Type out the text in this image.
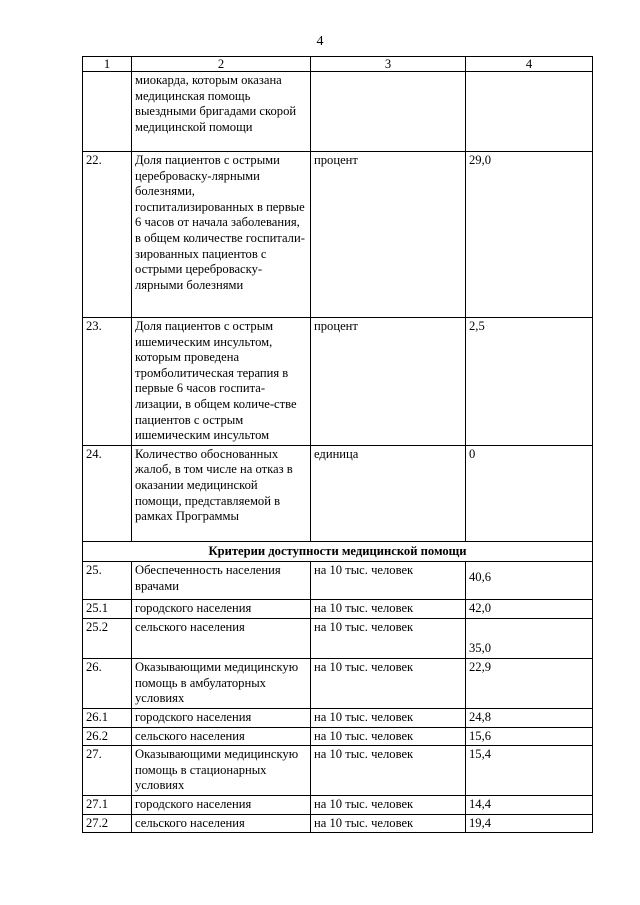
4
1	2	3	4
	миокарда, которым оказана медицинская помощь выездными бригадами скорой медицинской помощи		
22.	Доля пациентов с острыми цереброваску-лярными болезнями, госпитализированных в первые 6 часов от начала заболевания, в общем количестве госпитали-зированных пациентов с острыми цереброваску-лярными болезнями	процент	29,0
23.	Доля пациентов с острым ишемическим инсультом, которым проведена тромболитическая терапия в первые 6 часов госпита-лизации, в общем количе-стве пациентов с острым ишемическим инсультом	процент	2,5
24.	Количество обоснованных жалоб, в том числе на отказ в оказании медицинской помощи, представляемой в рамках Программы	единица	0
Критерии доступности медицинской помощи			
25.	Обеспеченность населения врачами	на 10 тыс. человек	40,6
25.1	городского населения	на 10 тыс. человек	42,0
25.2	сельского населения	на 10 тыс. человек	35,0
26.	Оказывающими медицинскую помощь в амбулаторных условиях	на 10 тыс. человек	22,9
26.1	городского населения	на 10 тыс. человек	24,8
26.2	сельского населения	на 10 тыс. человек	15,6
27.	Оказывающими медицинскую помощь в стационарных условиях	на 10 тыс. человек	15,4
27.1	городского населения	на 10 тыс. человек	14,4
27.2	сельского населения	на 10 тыс. человек	19,4
